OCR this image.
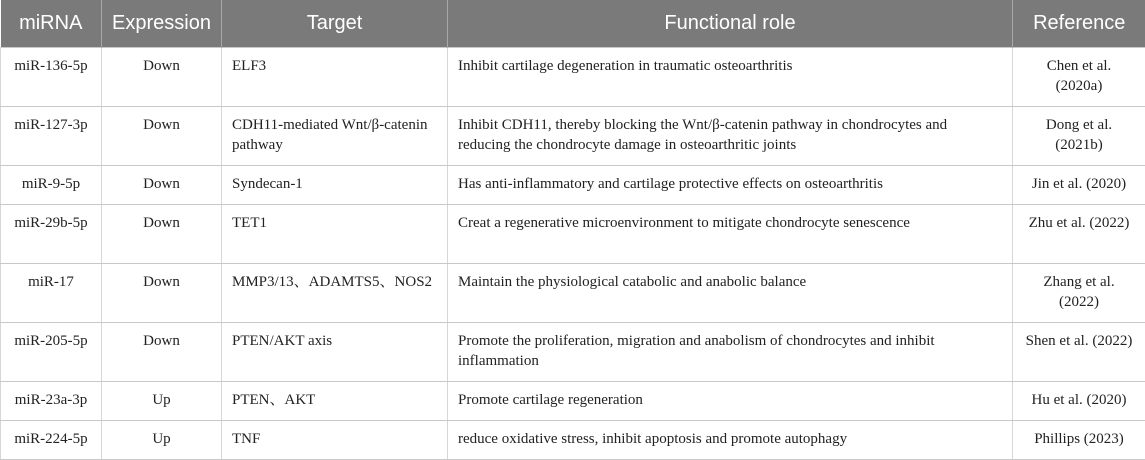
miRNA	Expression	Target	Functional role	Reference
miR-136-5p	Down	ELF3	Inhibit cartilage degeneration in traumatic osteoarthritis	Chen et al. (2020a)
miR-127-3p	Down	CDH11-mediated Wnt/β-catenin pathway	Inhibit CDH11, thereby blocking the Wnt/β-catenin pathway in chondrocytes and reducing the chondrocyte damage in osteoarthritic joints	Dong et al. (2021b)
miR-9-5p	Down	Syndecan-1	Has anti-inflammatory and cartilage protective effects on osteoarthritis	Jin et al. (2020)
miR-29b-5p	Down	TET1	Creat a regenerative microenvironment to mitigate chondrocyte senescence	Zhu et al. (2022)
miR-17	Down	MMP3/13、ADAMTS5、NOS2	Maintain the physiological catabolic and anabolic balance	Zhang et al. (2022)
miR-205-5p	Down	PTEN/AKT axis	Promote the proliferation, migration and anabolism of chondrocytes and inhibit inflammation	Shen et al. (2022)
miR-23a-3p	Up	PTEN、AKT	Promote cartilage regeneration	Hu et al. (2020)
miR-224-5p	Up	TNF	reduce oxidative stress, inhibit apoptosis and promote autophagy	Phillips (2023)
